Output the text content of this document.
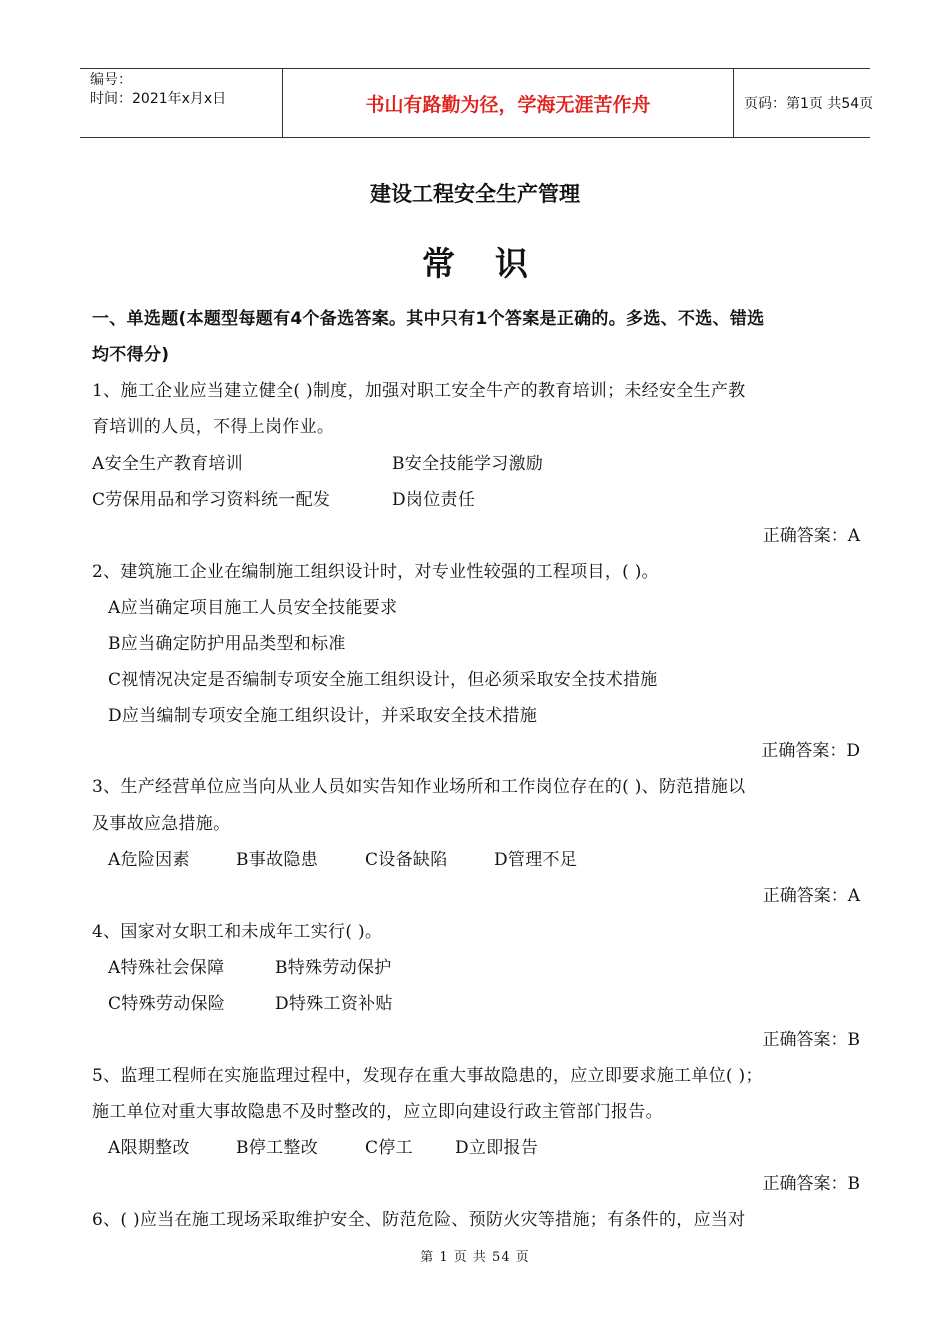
编号：
时间：2021年x月x日	书山有路勤为径，学海无涯苦作舟	页码：第1页 共54页
建设工程安全生产管理
常识
一、单选题(本题型每题有4个备选答案。其中只有1个答案是正确的。多选、不选、错选
均不得分)
1、施工企业应当建立健全( )制度，加强对职工安全牛产的教育培训；未经安全生产教
育培训的人员，不得上岗作业。
A安全生产教育培训	B安全技能学习激励
C劳保用品和学习资料统一配发	D岗位责任
正确答案：A
2、建筑施工企业在编制施工组织设计时，对专业性较强的工程项目，( )。
A应当确定项目施工人员安全技能要求
B应当确定防护用品类型和标准
C视情况决定是否编制专项安全施工组织设计，但必须采取安全技术措施
D应当编制专项安全施工组织设计，并采取安全技术措施
正确答案：D
3、生产经营单位应当向从业人员如实告知作业场所和工作岗位存在的( )、防范措施以
及事故应急措施。
A危险因素	B事故隐患	C设备缺陷	D管理不足
正确答案：A
4、国家对女职工和未成年工实行( )。
A特殊社会保障	B特殊劳动保护
C特殊劳动保险	D特殊工资补贴
正确答案：B
5、监理工程师在实施监理过程中，发现存在重大事故隐患的，应立即要求施工单位( )；
施工单位对重大事故隐患不及时整改的，应立即向建设行政主管部门报告。
A限期整改	B停工整改	C停工 D立即报告
正确答案：B
6、( )应当在施工现场采取维护安全、防范危险、预防火灾等措施；有条件的，应当对
第 1 页 共 54 页
